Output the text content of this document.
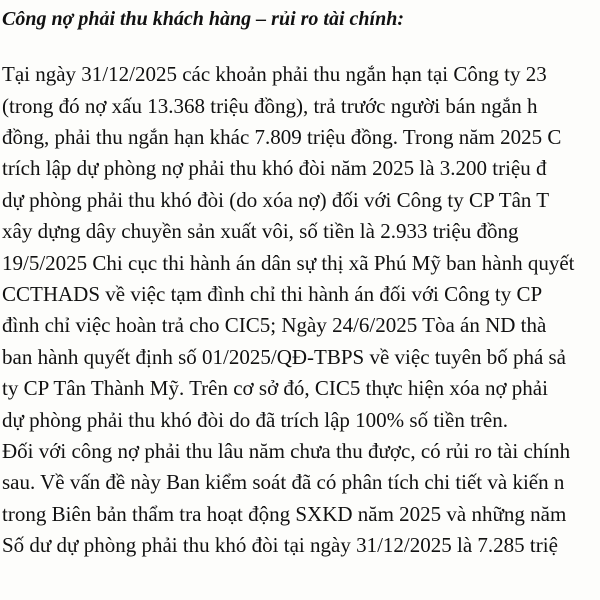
Công nợ phải thu khách hàng – rủi ro tài chính:
Tại ngày 31/12/2025 các khoản phải thu ngắn hạn tại Công ty 23
(trong đó nợ xấu 13.368 triệu đồng), trả trước người bán ngắn h
đồng, phải thu ngắn hạn khác 7.809 triệu đồng. Trong năm 2025 C
trích lập dự phòng nợ phải thu khó đòi năm 2025 là 3.200 triệu đ
dự phòng phải thu khó đòi (do xóa nợ) đối với Công ty CP Tân T
xây dựng dây chuyền sản xuất vôi, số tiền là 2.933 triệu đồng
19/5/2025 Chi cục thi hành án dân sự thị xã Phú Mỹ ban hành quyết
CCTHADS về việc tạm đình chỉ thi hành án đối với Công ty CP
đình chỉ việc hoàn trả cho CIC5; Ngày 24/6/2025 Tòa án ND thà
ban hành quyết định số 01/2025/QĐ-TBPS về việc tuyên bố phá sả
ty CP Tân Thành Mỹ. Trên cơ sở đó, CIC5 thực hiện xóa nợ phải
dự phòng phải thu khó đòi do đã trích lập 100% số tiền trên.
Đối với công nợ phải thu lâu năm chưa thu được, có rủi ro tài chính
sau. Về vấn đề này Ban kiểm soát đã có phân tích chi tiết và kiến n
trong Biên bản thẩm tra hoạt động SXKD năm 2025 và những năm
Số dư dự phòng phải thu khó đòi tại ngày 31/12/2025 là 7.285 triệ
